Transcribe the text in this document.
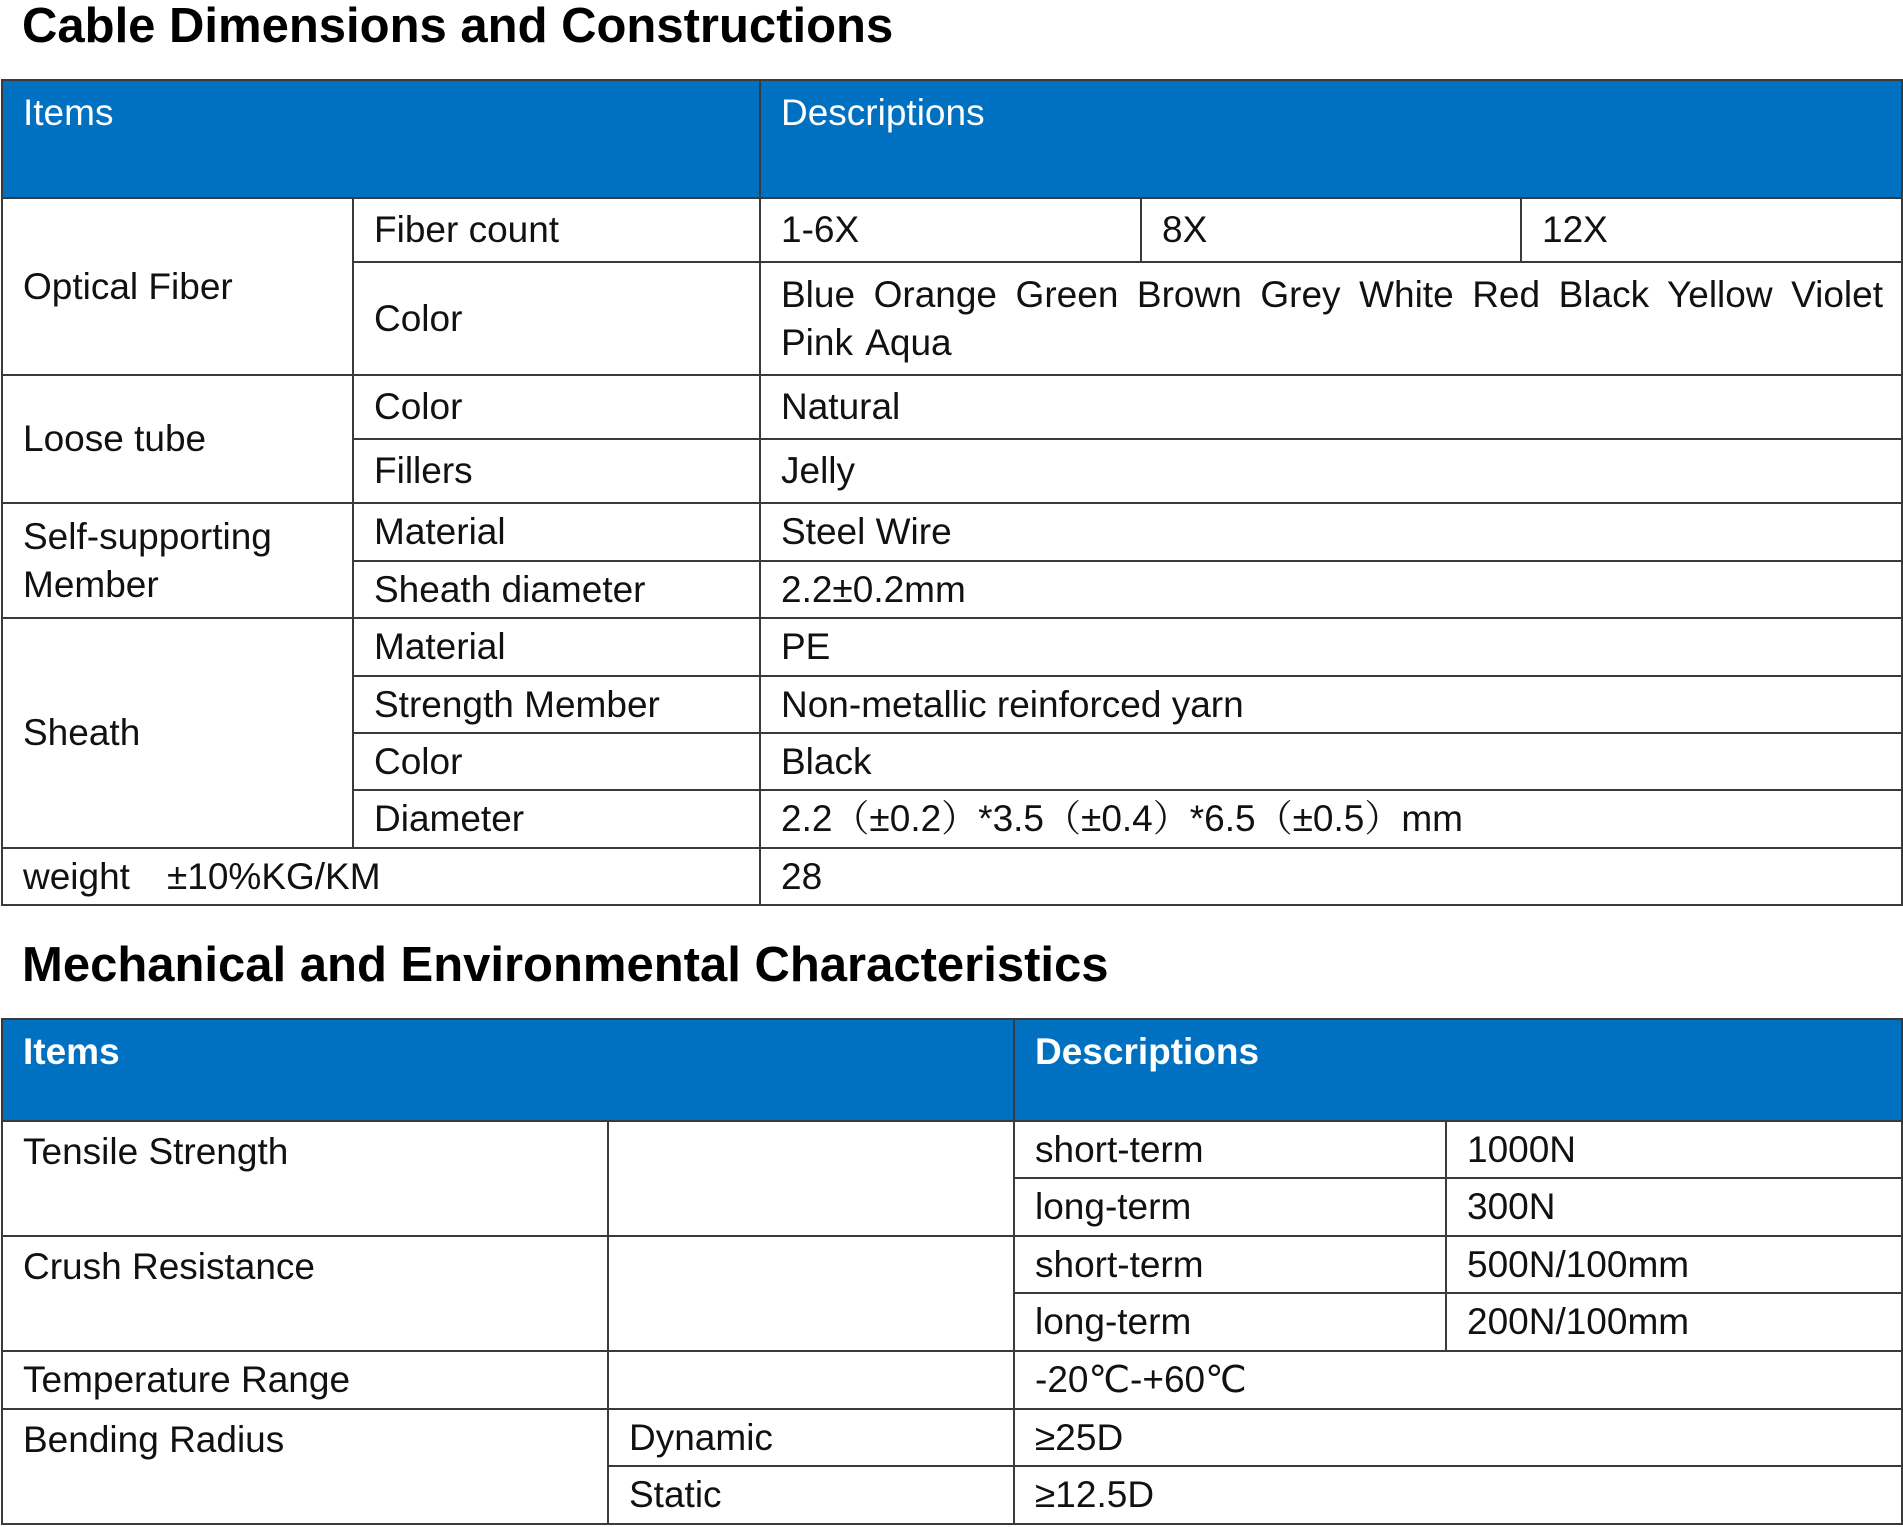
Cable Dimensions and Constructions
Items		Descriptions		
Optical Fiber	Fiber count	1-6X	8X	12X
	Color	Blue Orange Green Brown Grey White Red Black Yellow Violet Pink Aqua		
Loose tube	Color	Natural		
	Fillers	Jelly		
Self-supporting Member	Material	Steel Wire		
	Sheath diameter	2.2±0.2mm		
Sheath	Material	PE		
	Strength Member	Non-metallic reinforced yarn		
	Color	Black		
	Diameter	2.2（±0.2）*3.5（±0.4）*6.5（±0.5）mm		
weight　±10%KG/KM		28		
Mechanical and Environmental Characteristics
Items		Descriptions	
Tensile Strength		short-term	1000N
		long-term	300N
Crush Resistance		short-term	500N/100mm
		long-term	200N/100mm
Temperature Range		-20℃-+60℃	
Bending Radius	Dynamic	≥25D	
	Static	≥12.5D	
